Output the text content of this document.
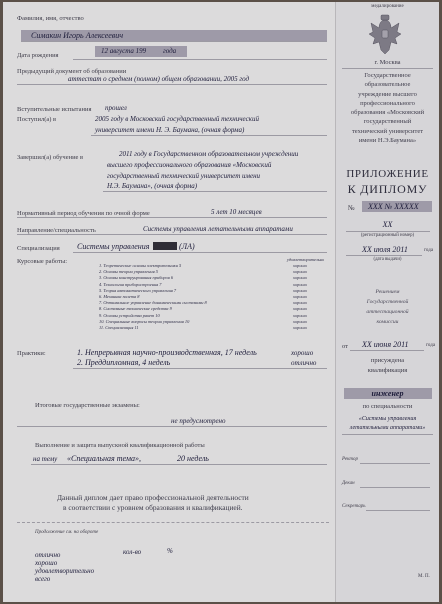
Фамилия, имя, отчество
Симакин Игорь Алексеевич
Дата рождения
12 августа 199 года
Предыдущий документ об образовании
аттестат о среднем (полном) общем образовании, 2005 год
Вступительные испытания прошел
Поступил(а) в	2005 году в Московский государственный технический
университет имени Н. Э. Баумана, (очная форма)
Завершил(а) обучение в	2011 году в Государственном образовательном учреждении
высшего профессионального образования «Московский
государственный технический университет имени
Н.Э. Баумана», (очная форма)
Нормативный период обучения по очной форме	5 лет 10 месяцев
Направление/специальность	Системы управления летательными аппаратами
Специализация Системы управления	(ЛА)
Курсовые работы:	удовлетворительно
Практики:	1. Непрерывная научно-производственная, 17 недель	хорошо
2. Преддипломная, 4 недель	отлично
Итоговые государственные экзамены:
не предусмотрено
Выполнение и защита выпускной квалификационной работы
на тему «Специальная тема»,	20 недель
Данный диплом дает право профессиональной деятельности
в соответствии с уровнем образования и квалификацией.
Продолжение см. на обороте
кол-во	%
отлично
хорошо
удовлетворительно
всего
1. Теоретические основы электротехники 5	хорошо
2. Основы теории управления 5	хорошо
3. Основы конструирования приборов 6	хорошо
4. Технология приборостроения 7	хорошо
5. Теория автоматического управления 7	хорошо
6. Механика полета 8	хорошо
7. Оптимальное управление динамическими системами 8	хорошо
8. Системные технические средства 9	хорошо
9. Основы устройства ракет 10	хорошо
10. Специальные вопросы теории управления 10	хорошо
11. Специализация 11	хорошо
медалирование
г. Москва
Государственное
образовательное
учреждение высшего
профессионального
образования «Московский
государственный
технический университет
имени Н.Э.Баумана»
ПРИЛОЖЕНИЕ
К ДИПЛОМУ
№ XXX № XXXXX
XX
(регистрационный номер)
XX июля 2011	года
(дата выдачи)
Решением
Государственной
аттестационной
комиссии
от XX июня 2011	года
присуждена
квалификация
инженер
по специальности
«Системы управления
летательными аппаратами»
Ректор
Декан
Секретарь
М. П.
